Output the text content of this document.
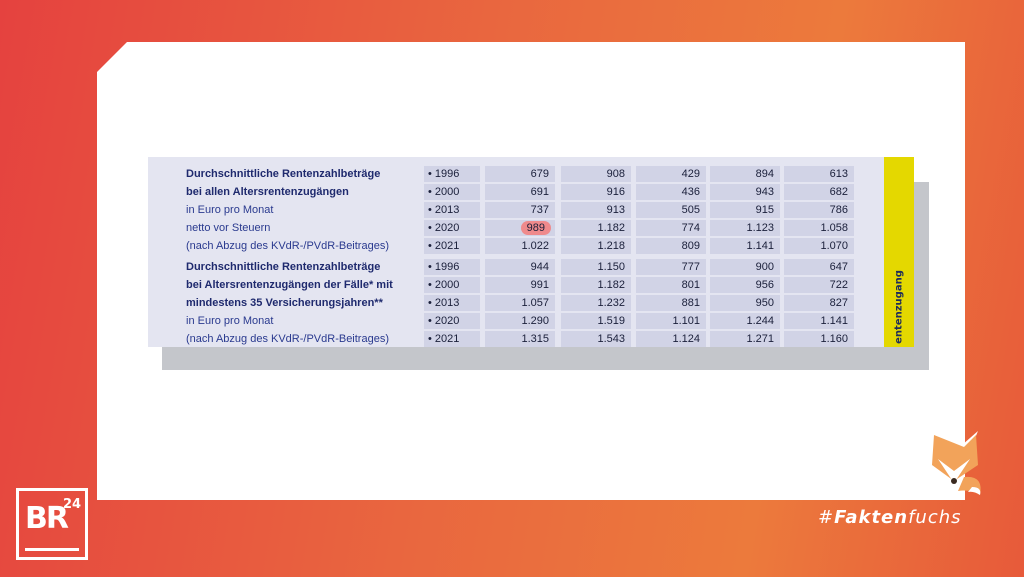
entenzugang
Durchschnittliche Rentenzahlbeträge	• 1996	679	908	429	894	613
bei allen Altersrentenzugängen	• 2000	691	916	436	943	682
in Euro pro Monat	• 2013	737	913	505	915	786
netto vor Steuern	• 2020	989	1.182	774	1.123	1.058
(nach Abzug des KVdR-/PVdR-Beitrages)	• 2021	1.022	1.218	809	1.141	1.070
Durchschnittliche Rentenzahlbeträge	• 1996	944	1.150	777	900	647
bei Altersrentenzugängen der Fälle* mit	• 2000	991	1.182	801	956	722
mindestens 35 Versicherungsjahren**	• 2013	1.057	1.232	881	950	827
in Euro pro Monat	• 2020	1.290	1.519	1.101	1.244	1.141
(nach Abzug des KVdR-/PVdR-Beitrages)	• 2021	1.315	1.543	1.124	1.271	1.160
BR
24
#Faktenfuchs
